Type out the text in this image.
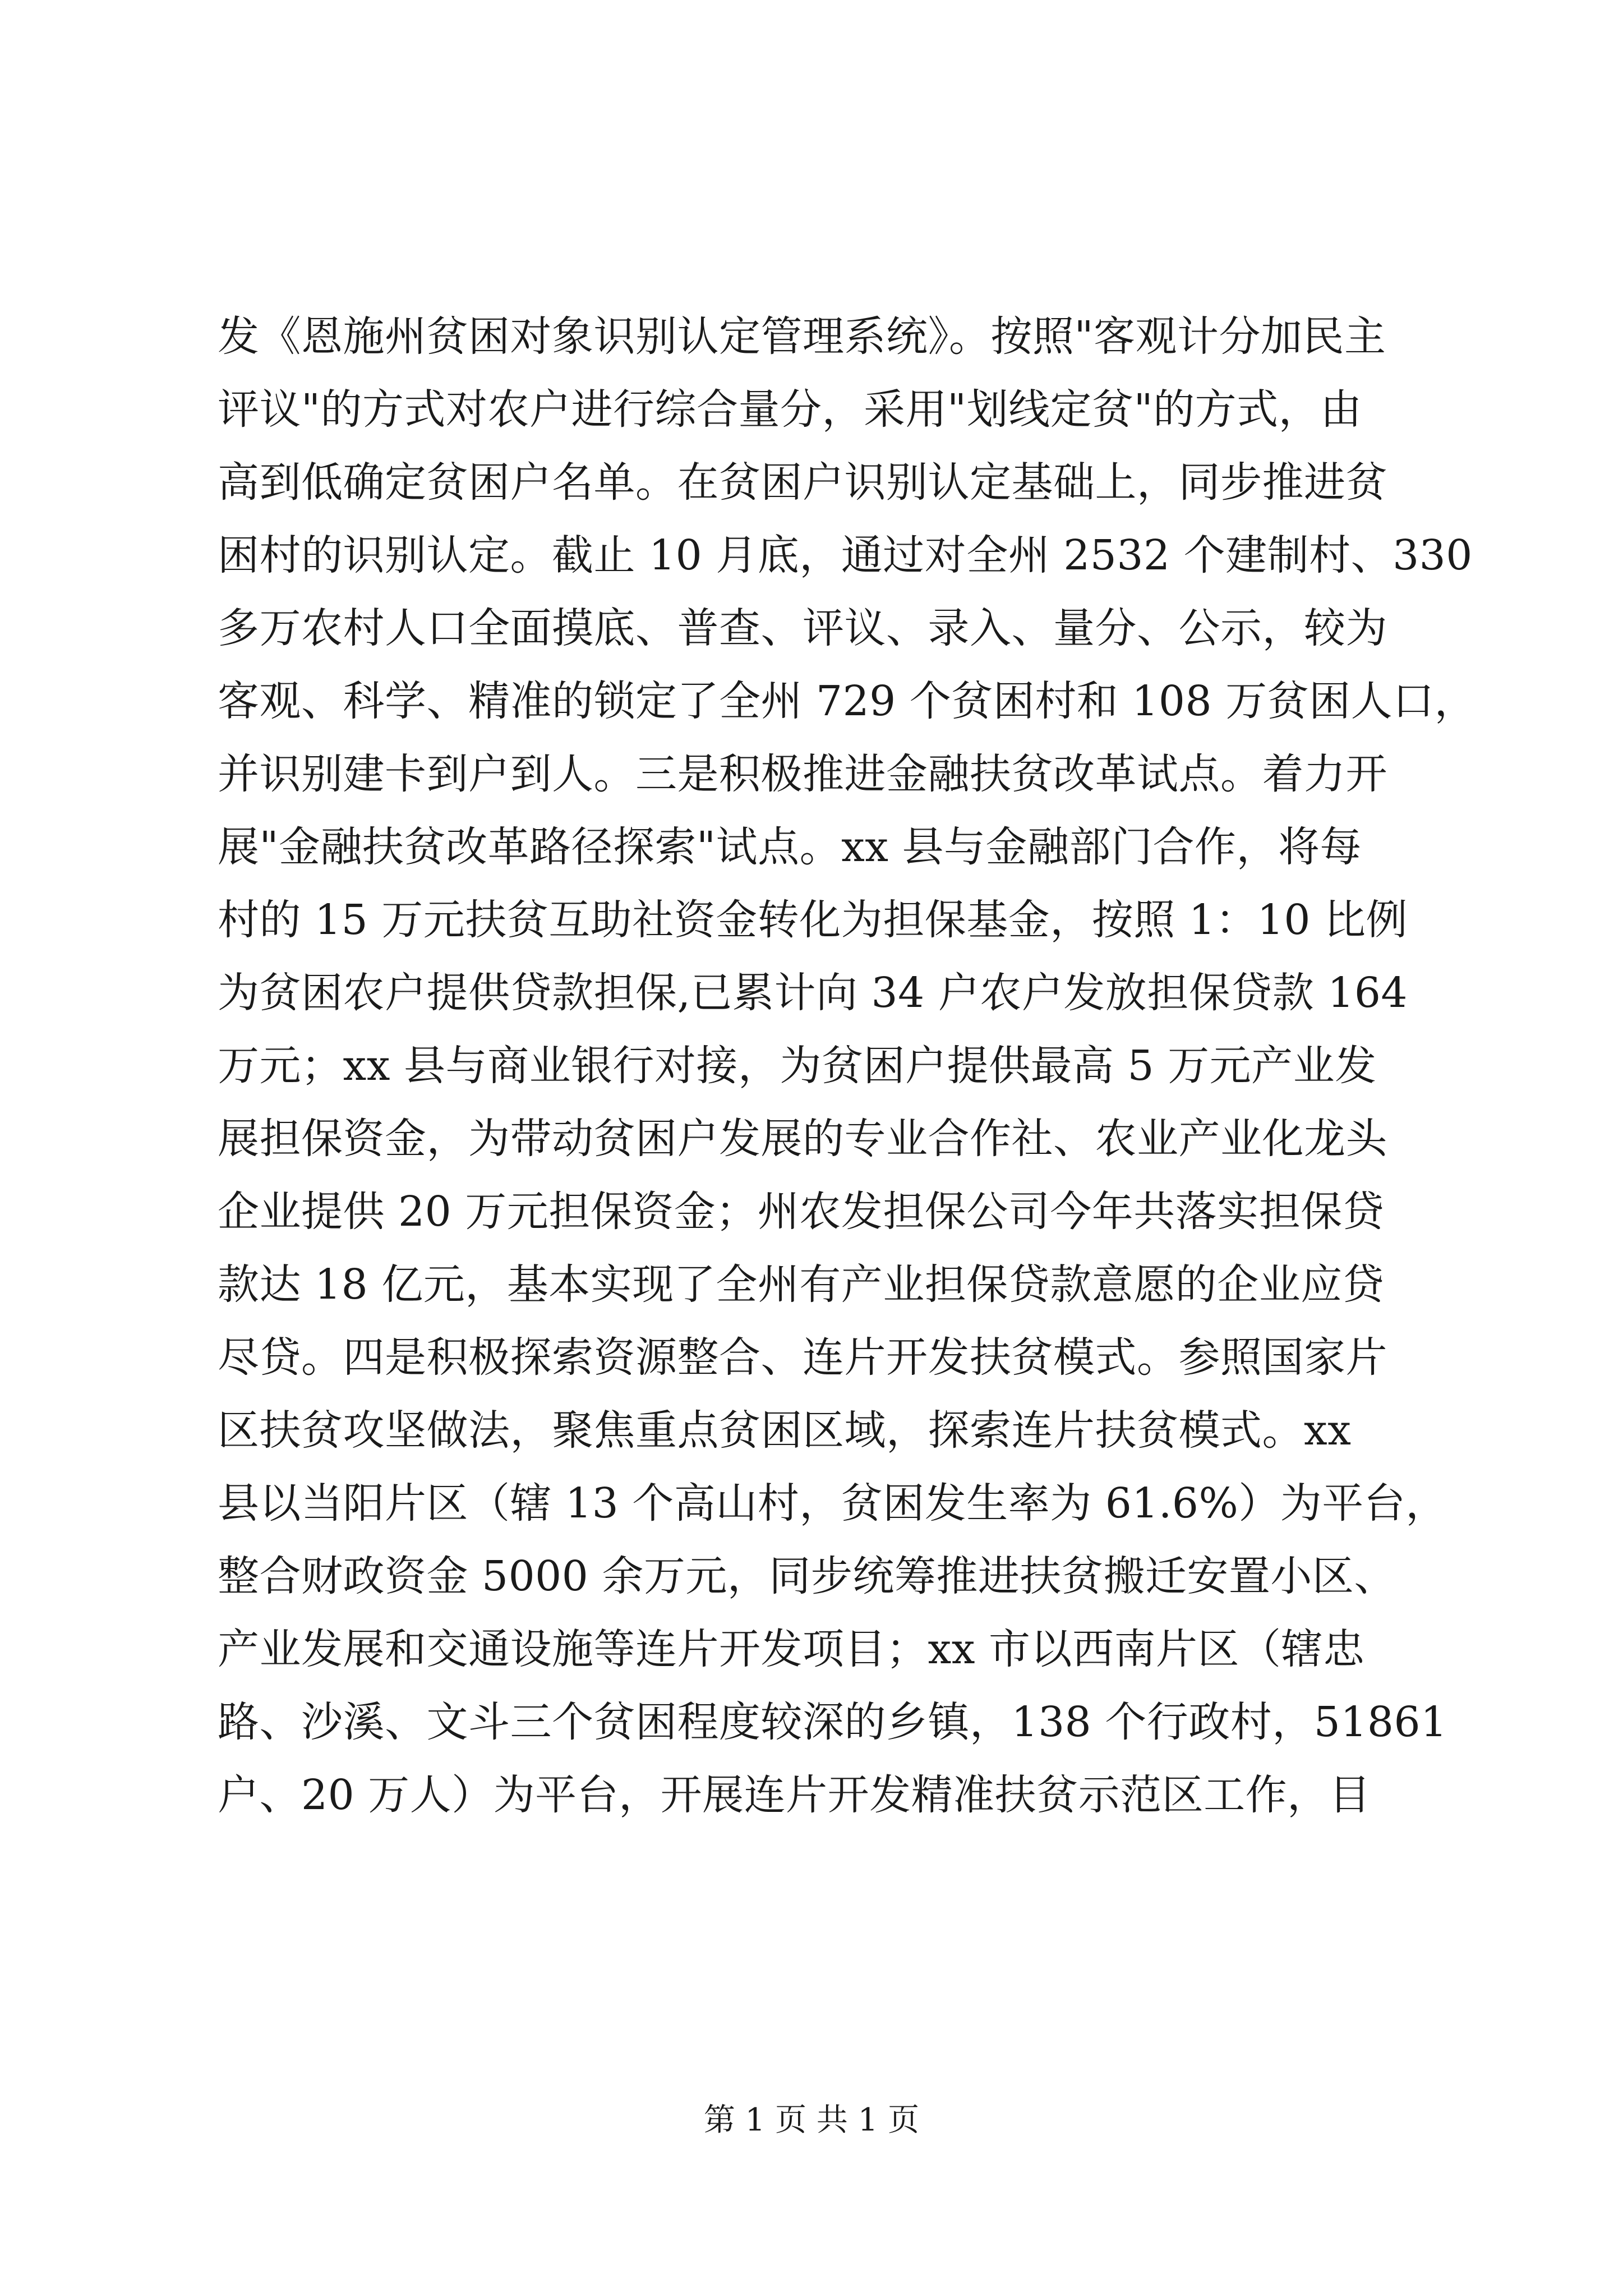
发《恩施州贫困对象识别认定管理系统》。按照"客观计分加民主
评议"的方式对农户进行综合量分，采用"划线定贫"的方式，由
高到低确定贫困户名单。在贫困户识别认定基础上，同步推进贫
困村的识别认定。截止 10 月底，通过对全州 2532 个建制村、330
多万农村人口全面摸底、普查、评议、录入、量分、公示，较为
客观、科学、精准的锁定了全州 729 个贫困村和 108 万贫困人口，
并识别建卡到户到人。三是积极推进金融扶贫改革试点。着力开
展"金融扶贫改革路径探索"试点。xx 县与金融部门合作，将每
村的 15 万元扶贫互助社资金转化为担保基金，按照 1：10 比例
为贫困农户提供贷款担保,已累计向 34 户农户发放担保贷款 164
万元；xx 县与商业银行对接，为贫困户提供最高 5 万元产业发
展担保资金，为带动贫困户发展的专业合作社、农业产业化龙头
企业提供 20 万元担保资金；州农发担保公司今年共落实担保贷
款达 18 亿元，基本实现了全州有产业担保贷款意愿的企业应贷
尽贷。四是积极探索资源整合、连片开发扶贫模式。参照国家片
区扶贫攻坚做法，聚焦重点贫困区域，探索连片扶贫模式。xx
县以当阳片区（辖 13 个高山村，贫困发生率为 61.6%）为平台，
整合财政资金 5000 余万元，同步统筹推进扶贫搬迁安置小区、
产业发展和交通设施等连片开发项目；xx 市以西南片区（辖忠
路、沙溪、文斗三个贫困程度较深的乡镇，138 个行政村，51861
户、20 万人）为平台，开展连片开发精准扶贫示范区工作，目
第 1 页 共 1 页
